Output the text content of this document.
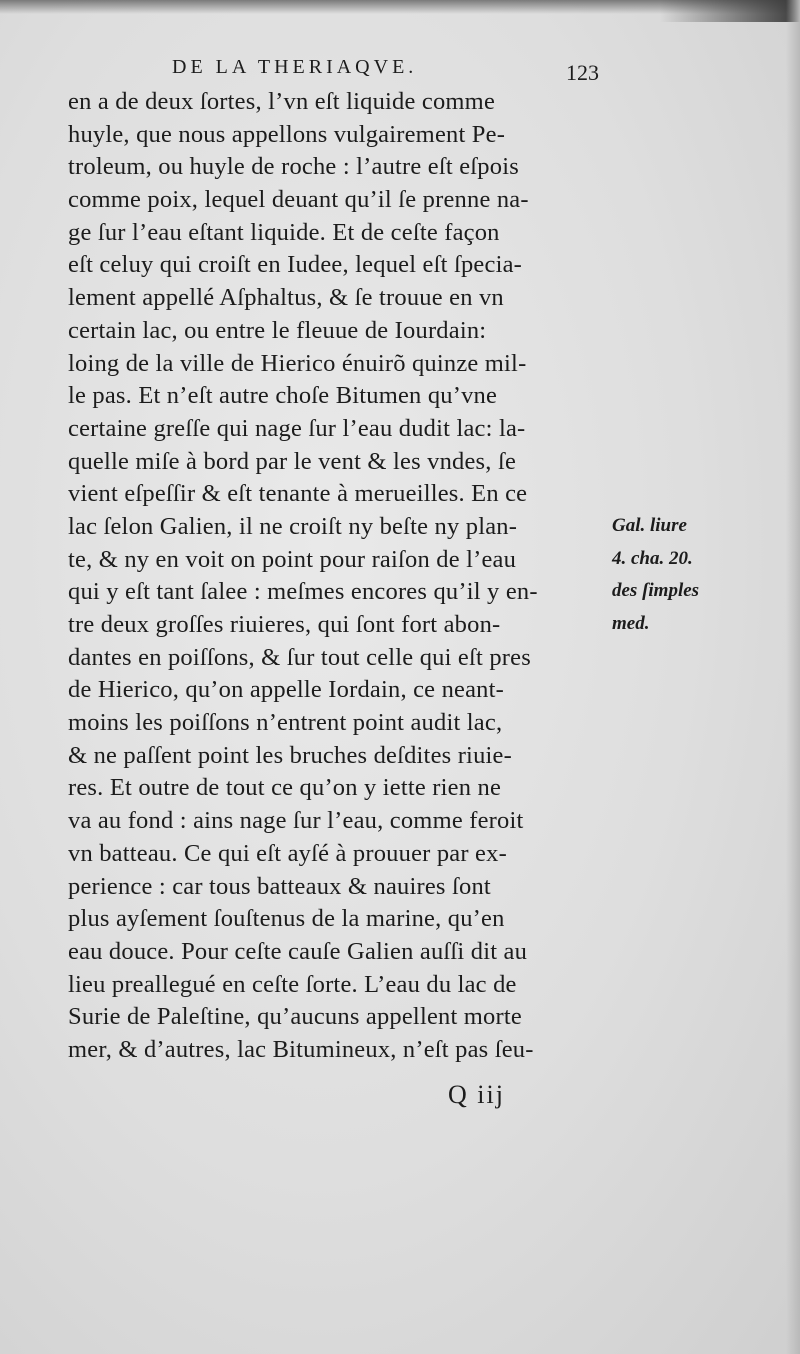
DE LA THERIAQVE.	123
en a de deux ſortes, l’vn eſt liquide comme
huyle, que nous appellons vulgairement Pe-
troleum, ou huyle de roche : l’autre eſt eſpois
comme poix, lequel deuant qu’il ſe prenne na-
ge ſur l’eau eſtant liquide. Et de ceſte façon
eſt celuy qui croiſt en Iudee, lequel eſt ſpecia-
lement appellé Aſphaltus, & ſe trouue en vn
certain lac, ou entre le fleuue de Iourdain:
loing de la ville de Hierico énuirõ quinze mil-
le pas. Et n’eſt autre choſe Bitumen qu’vne
certaine greſſe qui nage ſur l’eau dudit lac: la-
quelle miſe à bord par le vent & les vndes, ſe
vient eſpeſſir & eſt tenante à merueilles. En ce
lac ſelon Galien, il ne croiſt ny beſte ny plan-
te, & ny en voit on point pour raiſon de l’eau
qui y eſt tant ſalee : meſmes encores qu’il y en-
tre deux groſſes riuieres, qui ſont fort abon-
dantes en poiſſons, & ſur tout celle qui eſt pres
de Hierico, qu’on appelle Iordain, ce neant-
moins les poiſſons n’entrent point audit lac,
& ne paſſent point les bruches deſdites riuie-
res. Et outre de tout ce qu’on y iette rien ne
va au fond : ains nage ſur l’eau, comme feroit
vn batteau. Ce qui eſt ayſé à prouuer par ex-
perience : car tous batteaux & nauires ſont
plus ayſement ſouſtenus de la marine, qu’en
eau douce. Pour ceſte cauſe Galien auſſi dit au
lieu preallegué en ceſte ſorte. L’eau du lac de
Surie de Paleſtine, qu’aucuns appellent morte
mer, & d’autres, lac Bitumineux, n’eſt pas ſeu-
Gal. liure
4. cha. 20.
des ſimples
med.
Q iij
